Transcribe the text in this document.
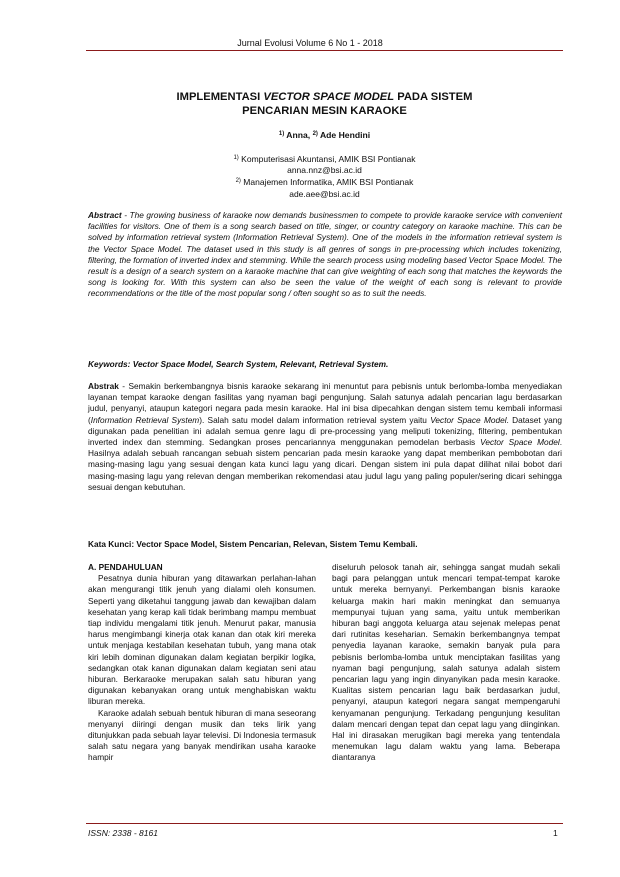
Jurnal Evolusi Volume 6 No 1 - 2018
IMPLEMENTASI VECTOR SPACE MODEL PADA SISTEM
PENCARIAN MESIN KARAOKE
$^{1)}$ Anna, $^{2)}$ Ade Hendini
$^{1)}$ Komputerisasi Akuntansi, AMIK BSI Pontianak
anna.nnz@bsi.ac.id
$^{2)}$ Manajemen Informatika, AMIK BSI Pontianak
ade.aee@bsi.ac.id
Abstract - The growing business of karaoke now demands businessmen to compete to provide karaoke service with convenient facilities for visitors. One of them is a song search based on title, singer, or country category on karaoke machine. This can be solved by information retrieval system (Information Retrieval System). One of the models in the information retrieval system is the Vector Space Model. The dataset used in this study is all genres of songs in pre-processing which includes tokenizing, filtering, the formation of inverted index and stemming. While the search process using modeling based Vector Space Model. The result is a design of a search system on a karaoke machine that can give weighting of each song that matches the keywords the song is looking for. With this system can also be seen the value of the weight of each song is relevant to provide recommendations or the title of the most popular song / often sought so as to suit the needs.
Keywords: Vector Space Model, Search System, Relevant, Retrieval System.
Abstrak - Semakin berkembangnya bisnis karaoke sekarang ini menuntut para pebisnis untuk berlomba-lomba menyediakan layanan tempat karaoke dengan fasilitas yang nyaman bagi pengunjung. Salah satunya adalah pencarian lagu berdasarkan judul, penyanyi, ataupun kategori negara pada mesin karaoke. Hal ini bisa dipecahkan dengan sistem temu kembali informasi (Information Retrieval System). Salah satu model dalam information retrieval system yaitu Vector Space Model. Dataset yang digunakan pada penelitian ini adalah semua genre lagu di pre-processing yang meliputi tokenizing, filtering, pembentukan inverted index dan stemming. Sedangkan proses pencariannya menggunakan pemodelan berbasis Vector Space Model. Hasilnya adalah sebuah rancangan sebuah sistem pencarian pada mesin karaoke yang dapat memberikan pembobotan dari masing-masing lagu yang sesuai dengan kata kunci lagu yang dicari. Dengan sistem ini pula dapat dilihat nilai bobot dari masing-masing lagu yang relevan dengan memberikan rekomendasi atau judul lagu yang paling populer/sering dicari sehingga sesuai dengan kebutuhan.
Kata Kunci: Vector Space Model, Sistem Pencarian, Relevan, Sistem Temu Kembali.
A. PENDAHULUAN

Pesatnya dunia hiburan yang ditawarkan perlahan-lahan akan mengurangi titik jenuh yang dialami oleh konsumen. Seperti yang diketahui tanggung jawab dan kewajiban dalam kesehatan yang kerap kali tidak berimbang mampu membuat tiap individu mengalami titik jenuh. Menurut pakar, manusia harus mengimbangi kinerja otak kanan dan otak kiri mereka untuk menjaga kestabilan kesehatan tubuh, yang mana otak kiri lebih dominan digunakan dalam kegiatan berpikir logika, sedangkan otak kanan digunakan dalam kegiatan seni atau hiburan. Berkaraoke merupakan salah satu hiburan yang digunakan kebanyakan orang untuk menghabiskan waktu liburan mereka.

Karaoke adalah sebuah bentuk hiburan di mana seseorang menyanyi diiringi dengan musik dan teks lirik yang ditunjukkan pada sebuah layar televisi. Di Indonesia termasuk salah satu negara yang banyak mendirikan usaha karaoke hampir

diseluruh pelosok tanah air, sehingga sangat mudah sekali bagi para pelanggan untuk mencari tempat-tempat karoke untuk mereka bernyanyi. Perkembangan bisnis karaoke keluarga makin hari makin meningkat dan semuanya mempunyai tujuan yang sama, yaitu untuk memberikan hiburan bagi anggota keluarga atau sejenak melepas penat dari rutinitas keseharian. Semakin berkembangnya tempat penyedia layanan karaoke, semakin banyak pula para pebisnis berlomba-lomba untuk menciptakan fasilitas yang nyaman bagi pengunjung, salah satunya adalah sistem pencarian lagu yang ingin dinyanyikan pada mesin karaoke. Kualitas sistem pencarian lagu baik berdasarkan judul, penyanyi, ataupun kategori negara sangat mempengaruhi kenyamanan pengunjung. Terkadang pengunjung kesulitan dalam mencari dengan tepat dan cepat lagu yang diinginkan. Hal ini dirasakan merugikan bagi mereka yang tentendala menemukan lagu dalam waktu yang lama. Beberapa diantaranya

ISSN: 2338 - 8161	1
